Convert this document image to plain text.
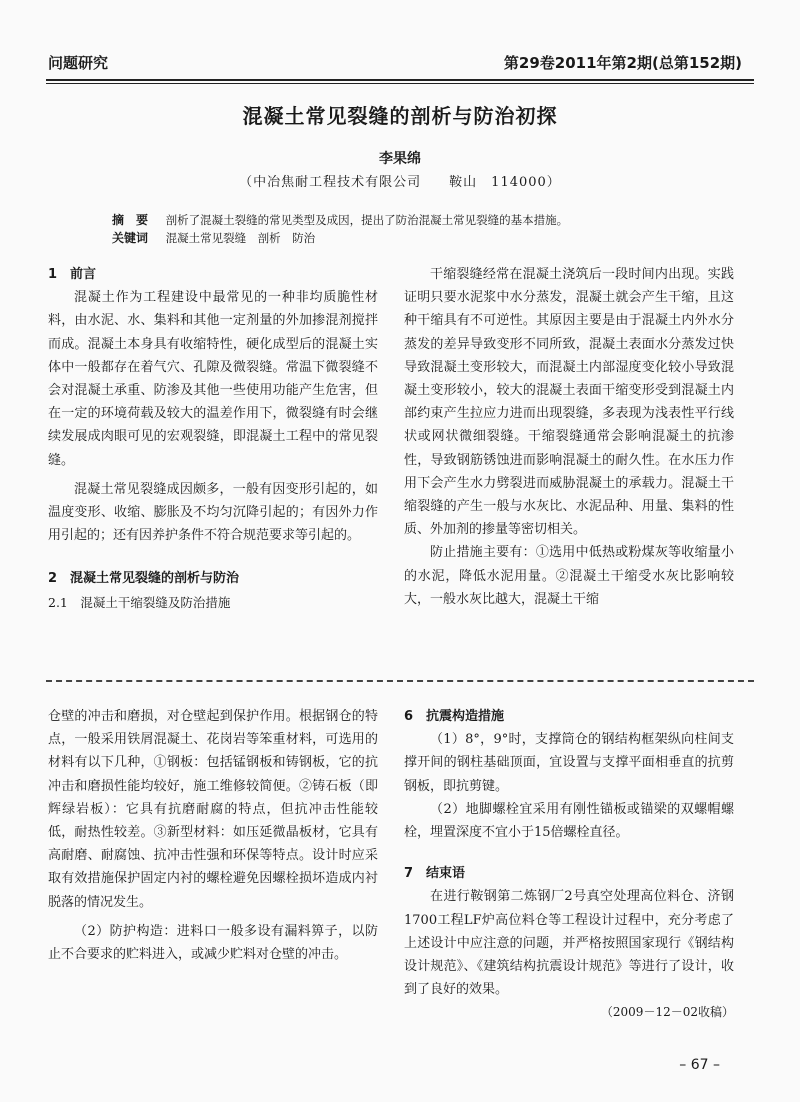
问题研究	第29卷2011年第2期(总第152期)
混凝土常见裂缝的剖析与防治初探
李果绵
（中冶焦耐工程技术有限公司　　鞍山　114000）
摘　要 剖析了混凝土裂缝的常见类型及成因，提出了防治混凝土常见裂缝的基本措施。
关键词 混凝土常见裂缝　剖析　防治
1　前言

混凝土作为工程建设中最常见的一种非均质脆性材料，由水泥、水、集料和其他一定剂量的外加掺混剂搅拌而成。混凝土本身具有收缩特性，硬化成型后的混凝土实体中一般都存在着气穴、孔隙及微裂缝。常温下微裂缝不会对混凝土承重、防渗及其他一些使用功能产生危害，但在一定的环境荷载及较大的温差作用下，微裂缝有时会继续发展成肉眼可见的宏观裂缝，即混凝土工程中的常见裂缝。

混凝土常见裂缝成因颇多，一般有因变形引起的，如温度变形、收缩、膨胀及不均匀沉降引起的；有因外力作用引起的；还有因养护条件不符合规范要求等引起的。

2　混凝土常见裂缝的剖析与防治
2.1　混凝土干缩裂缝及防治措施

干缩裂缝经常在混凝土浇筑后一段时间内出现。实践证明只要水泥浆中水分蒸发，混凝土就会产生干缩，且这种干缩具有不可逆性。其原因主要是由于混凝土内外水分蒸发的差异导致变形不同所致，混凝土表面水分蒸发过快导致混凝土变形较大，而混凝土内部湿度变化较小导致混凝土变形较小，较大的混凝土表面干缩变形受到混凝土内部约束产生拉应力进而出现裂缝，多表现为浅表性平行线状或网状微细裂缝。干缩裂缝通常会影响混凝土的抗渗性，导致钢筋锈蚀进而影响混凝土的耐久性。在水压力作用下会产生水力劈裂进而威胁混凝土的承载力。混凝土干缩裂缝的产生一般与水灰比、水泥品种、用量、集料的性质、外加剂的掺量等密切相关。

防止措施主要有：①选用中低热或粉煤灰等收缩量小的水泥，降低水泥用量。②混凝土干缩受水灰比影响较大，一般水灰比越大，混凝土干缩

仓壁的冲击和磨损，对仓壁起到保护作用。根据钢仓的特点，一般采用铁屑混凝土、花岗岩等笨重材料，可选用的材料有以下几种，①钢板：包括锰钢板和铸钢板，它的抗冲击和磨损性能均较好，施工维修较简便。②铸石板（即辉绿岩板）：它具有抗磨耐腐的特点，但抗冲击性能较低，耐热性较差。③新型材料：如压延微晶板材，它具有高耐磨、耐腐蚀、抗冲击性强和环保等特点。设计时应采取有效措施保护固定内衬的螺栓避免因螺栓损坏造成内衬脱落的情况发生。

（2）防护构造：进料口一般多设有漏料箅子，以防止不合要求的贮料进入，或减少贮料对仓壁的冲击。

6　抗震构造措施

（1）8°，9°时，支撑筒仓的钢结构框架纵向柱间支撑开间的钢柱基础顶面，宜设置与支撑平面相垂直的抗剪钢板，即抗剪键。

（2）地脚螺栓宜采用有刚性锚板或锚梁的双螺帽螺栓，埋置深度不宜小于15倍螺栓直径。

7　结束语

在进行鞍钢第二炼钢厂2号真空处理高位料仓、济钢1700工程LF炉高位料仓等工程设计过程中，充分考虑了上述设计中应注意的问题，并严格按照国家现行《钢结构设计规范》、《建筑结构抗震设计规范》等进行了设计，收到了良好的效果。

（2009－12－02收稿）

– 67 –
